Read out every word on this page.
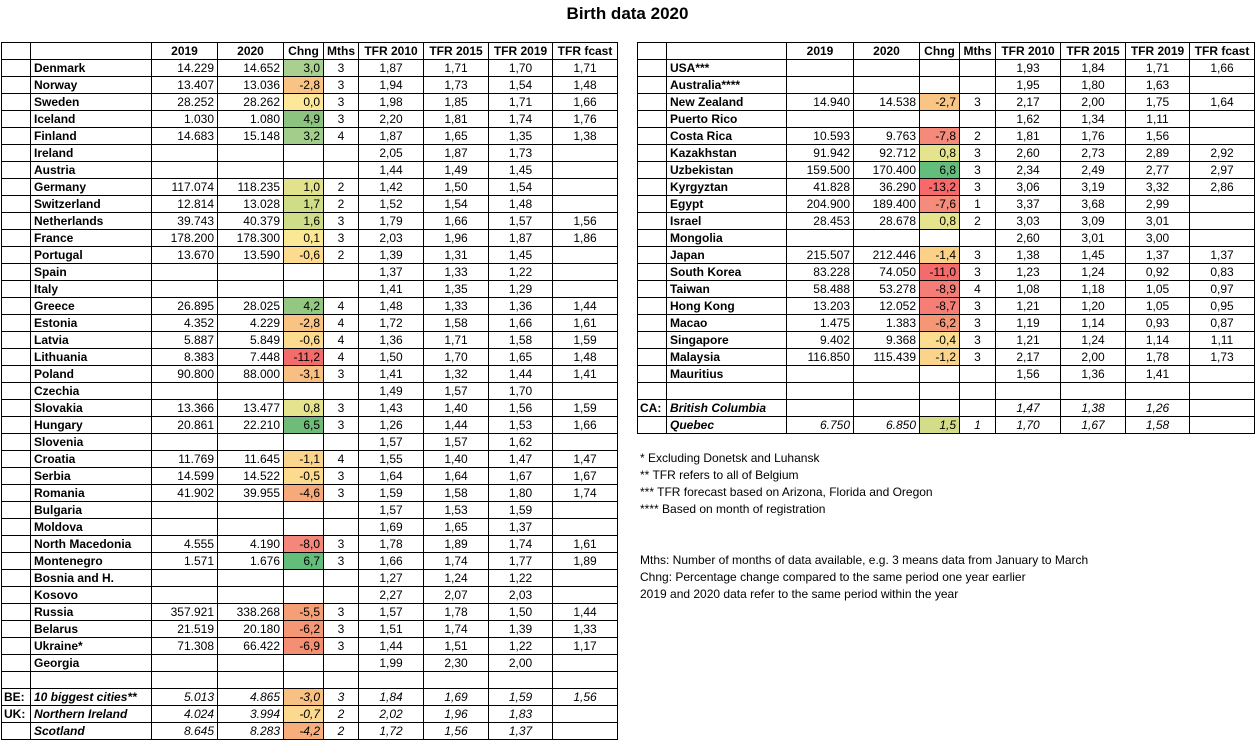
Birth data 2020
		2019	2020	Chng	Mths	TFR 2010	TFR 2015	TFR 2019	TFR fcast
	Denmark	14.229	14.652	3,0	3	1,87	1,71	1,70	1,71
	Norway	13.407	13.036	-2,8	3	1,94	1,73	1,54	1,48
	Sweden	28.252	28.262	0,0	3	1,98	1,85	1,71	1,66
	Iceland	1.030	1.080	4,9	3	2,20	1,81	1,74	1,76
	Finland	14.683	15.148	3,2	4	1,87	1,65	1,35	1,38
	Ireland					2,05	1,87	1,73	
	Austria					1,44	1,49	1,45	
	Germany	117.074	118.235	1,0	2	1,42	1,50	1,54	
	Switzerland	12.814	13.028	1,7	2	1,52	1,54	1,48	
	Netherlands	39.743	40.379	1,6	3	1,79	1,66	1,57	1,56
	France	178.200	178.300	0,1	3	2,03	1,96	1,87	1,86
	Portugal	13.670	13.590	-0,6	2	1,39	1,31	1,45	
	Spain					1,37	1,33	1,22	
	Italy					1,41	1,35	1,29	
	Greece	26.895	28.025	4,2	4	1,48	1,33	1,36	1,44
	Estonia	4.352	4.229	-2,8	4	1,72	1,58	1,66	1,61
	Latvia	5.887	5.849	-0,6	4	1,36	1,71	1,58	1,59
	Lithuania	8.383	7.448	-11,2	4	1,50	1,70	1,65	1,48
	Poland	90.800	88.000	-3,1	3	1,41	1,32	1,44	1,41
	Czechia					1,49	1,57	1,70	
	Slovakia	13.366	13.477	0,8	3	1,43	1,40	1,56	1,59
	Hungary	20.861	22.210	6,5	3	1,26	1,44	1,53	1,66
	Slovenia					1,57	1,57	1,62	
	Croatia	11.769	11.645	-1,1	4	1,55	1,40	1,47	1,47
	Serbia	14.599	14.522	-0,5	3	1,64	1,64	1,67	1,67
	Romania	41.902	39.955	-4,6	3	1,59	1,58	1,80	1,74
	Bulgaria					1,57	1,53	1,59	
	Moldova					1,69	1,65	1,37	
	North Macedonia	4.555	4.190	-8,0	3	1,78	1,89	1,74	1,61
	Montenegro	1.571	1.676	6,7	3	1,66	1,74	1,77	1,89
	Bosnia and H.					1,27	1,24	1,22	
	Kosovo					2,27	2,07	2,03	
	Russia	357.921	338.268	-5,5	3	1,57	1,78	1,50	1,44
	Belarus	21.519	20.180	-6,2	3	1,51	1,74	1,39	1,33
	Ukraine*	71.308	66.422	-6,9	3	1,44	1,51	1,22	1,17
	Georgia					1,99	2,30	2,00	

BE:	10 biggest cities**	5.013	4.865	-3,0	3	1,84	1,69	1,59	1,56
UK:	Northern Ireland	4.024	3.994	-0,7	2	2,02	1,96	1,83	
	Scotland	8.645	8.283	-4,2	2	1,72	1,56	1,37	
		2019	2020	Chng	Mths	TFR 2010	TFR 2015	TFR 2019	TFR fcast
	USA***					1,93	1,84	1,71	1,66
	Australia****					1,95	1,80	1,63	
	New Zealand	14.940	14.538	-2,7	3	2,17	2,00	1,75	1,64
	Puerto Rico					1,62	1,34	1,11	
	Costa Rica	10.593	9.763	-7,8	2	1,81	1,76	1,56	
	Kazakhstan	91.942	92.712	0,8	3	2,60	2,73	2,89	2,92
	Uzbekistan	159.500	170.400	6,8	3	2,34	2,49	2,77	2,97
	Kyrgyztan	41.828	36.290	-13,2	3	3,06	3,19	3,32	2,86
	Egypt	204.900	189.400	-7,6	1	3,37	3,68	2,99	
	Israel	28.453	28.678	0,8	2	3,03	3,09	3,01	
	Mongolia					2,60	3,01	3,00	
	Japan	215.507	212.446	-1,4	3	1,38	1,45	1,37	1,37
	South Korea	83.228	74.050	-11,0	3	1,23	1,24	0,92	0,83
	Taiwan	58.488	53.278	-8,9	4	1,08	1,18	1,05	0,97
	Hong Kong	13.203	12.052	-8,7	3	1,21	1,20	1,05	0,95
	Macao	1.475	1.383	-6,2	3	1,19	1,14	0,93	0,87
	Singapore	9.402	9.368	-0,4	3	1,21	1,24	1,14	1,11
	Malaysia	116.850	115.439	-1,2	3	2,17	2,00	1,78	1,73
	Mauritius					1,56	1,36	1,41	

CA:	British Columbia					1,47	1,38	1,26	
	Quebec	6.750	6.850	1,5	1	1,70	1,67	1,58	
* Excluding Donetsk and Luhansk
** TFR refers to all of Belgium
*** TFR forecast based on Arizona, Florida and Oregon
**** Based on month of registration
Mths: Number of months of data available, e.g. 3 means data from January to March
Chng: Percentage change compared to the same period one year earlier
2019 and 2020 data refer to the same period within the year
